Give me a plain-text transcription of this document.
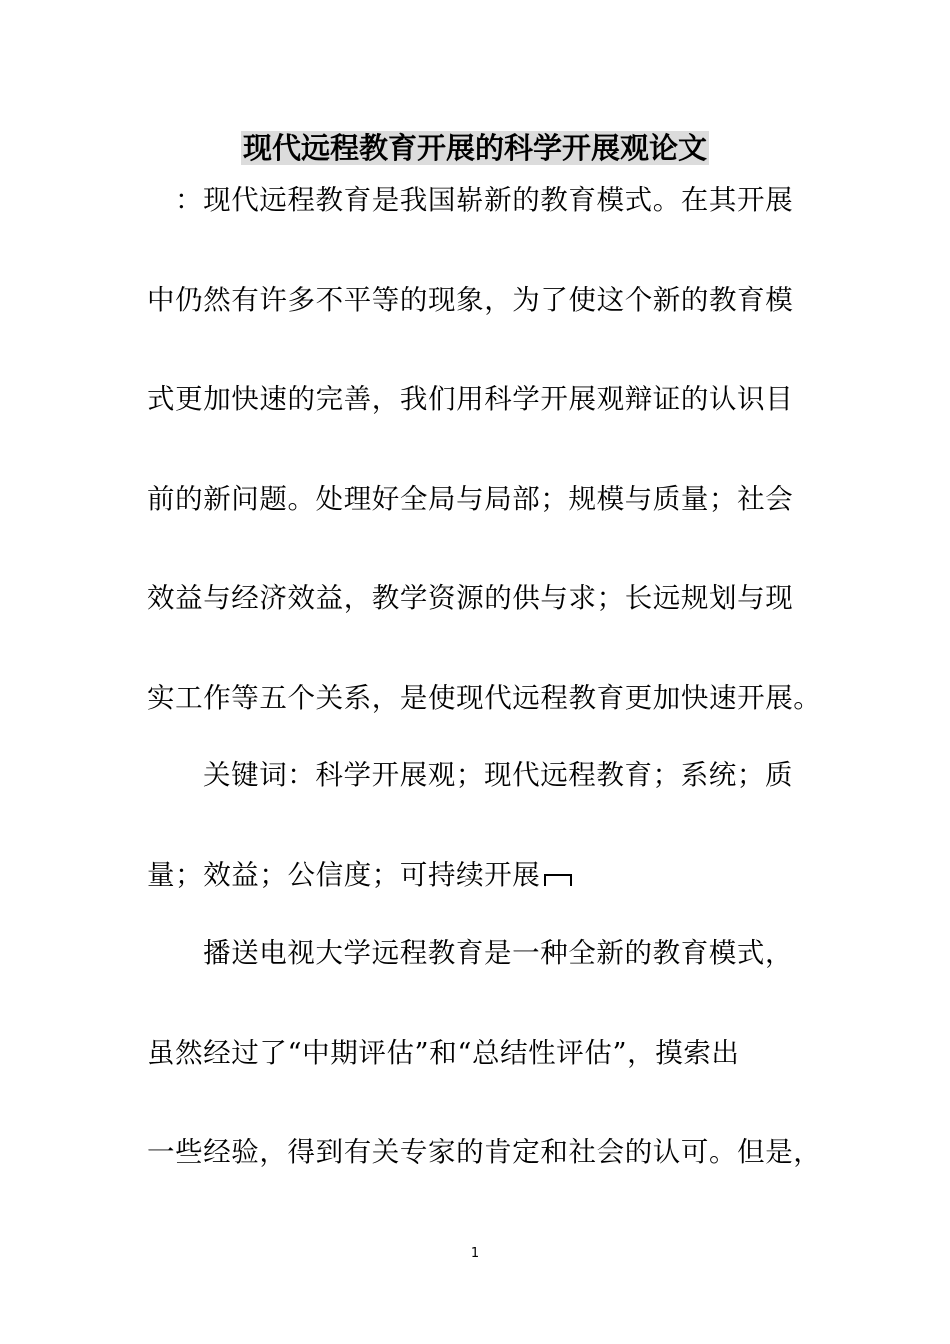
现代远程教育开展的科学开展观论文
：现代远程教育是我国崭新的教育模式。在其开展
中仍然有许多不平等的现象，为了使这个新的教育模
式更加快速的完善，我们用科学开展观辩证的认识目
前的新问题。处理好全局与局部；规模与质量；社会
效益与经济效益，教学资源的供与求；长远规划与现
实工作等五个关系，是使现代远程教育更加快速开展。
关键词：科学开展观；现代远程教育；系统；质
量；效益；公信度；可持续开展
播送电视大学远程教育是一种全新的教育模式，
虽然经过了“中期评估”和“总结性评估”，摸索出
一些经验，得到有关专家的肯定和社会的认可。但是，
1
